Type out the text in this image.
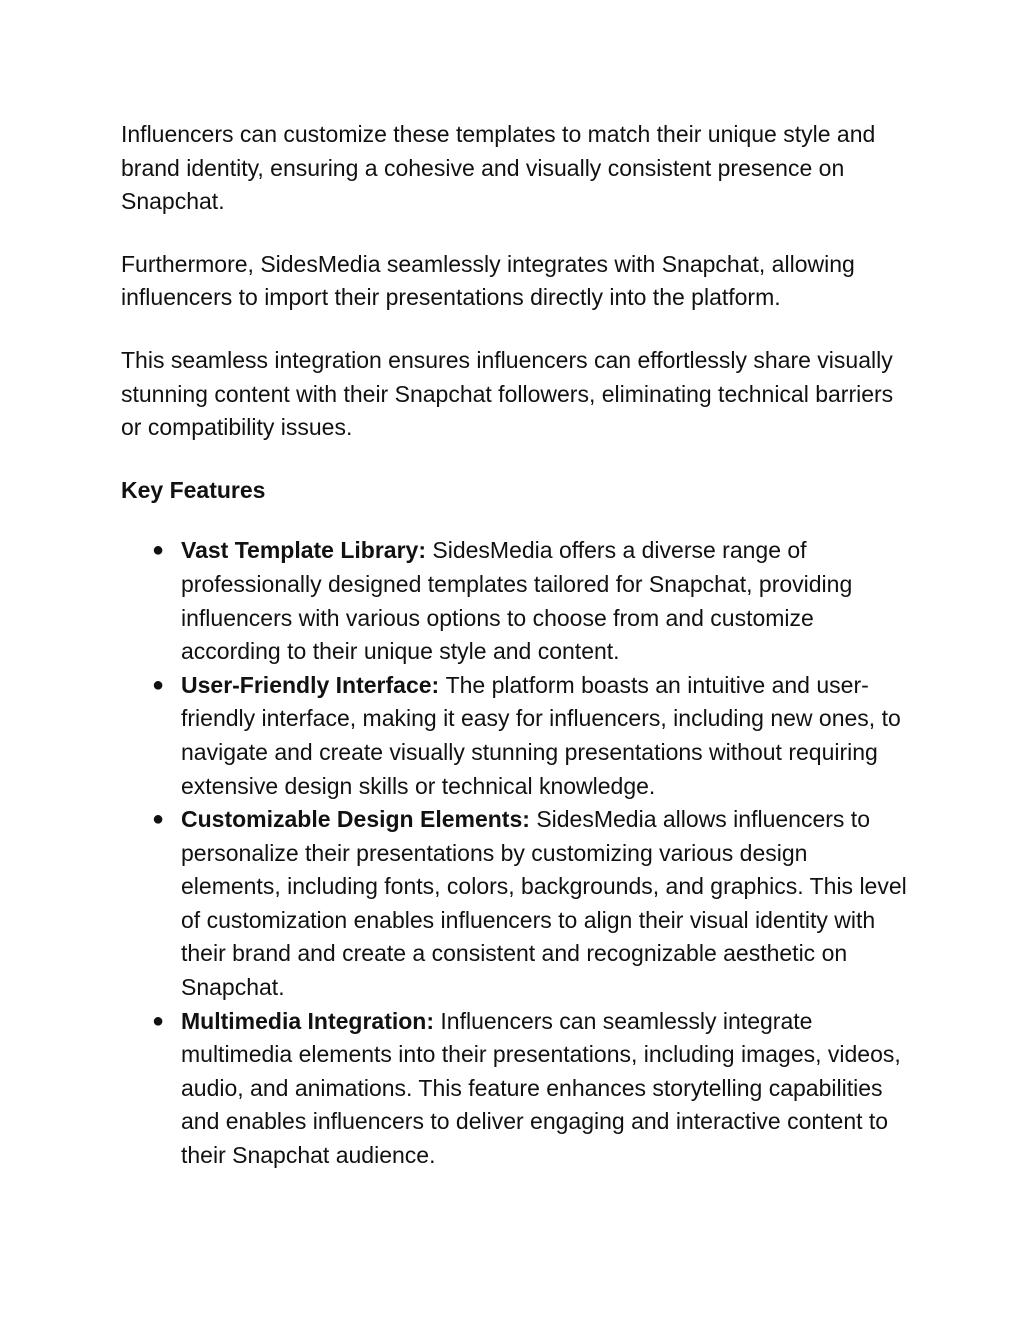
Influencers can customize these templates to match their unique style and brand identity, ensuring a cohesive and visually consistent presence on Snapchat.

Furthermore, SidesMedia seamlessly integrates with Snapchat, allowing influencers to import their presentations directly into the platform.

This seamless integration ensures influencers can effortlessly share visually stunning content with their Snapchat followers, eliminating technical barriers or compatibility issues.

Key Features

● Vast Template Library: SidesMedia offers a diverse range of professionally designed templates tailored for Snapchat, providing influencers with various options to choose from and customize according to their unique style and content.
● User-Friendly Interface: The platform boasts an intuitive and user-friendly interface, making it easy for influencers, including new ones, to navigate and create visually stunning presentations without requiring extensive design skills or technical knowledge.
● Customizable Design Elements: SidesMedia allows influencers to personalize their presentations by customizing various design elements, including fonts, colors, backgrounds, and graphics. This level of customization enables influencers to align their visual identity with their brand and create a consistent and recognizable aesthetic on Snapchat.
● Multimedia Integration: Influencers can seamlessly integrate multimedia elements into their presentations, including images, videos, audio, and animations. This feature enhances storytelling capabilities and enables influencers to deliver engaging and interactive content to their Snapchat audience.
